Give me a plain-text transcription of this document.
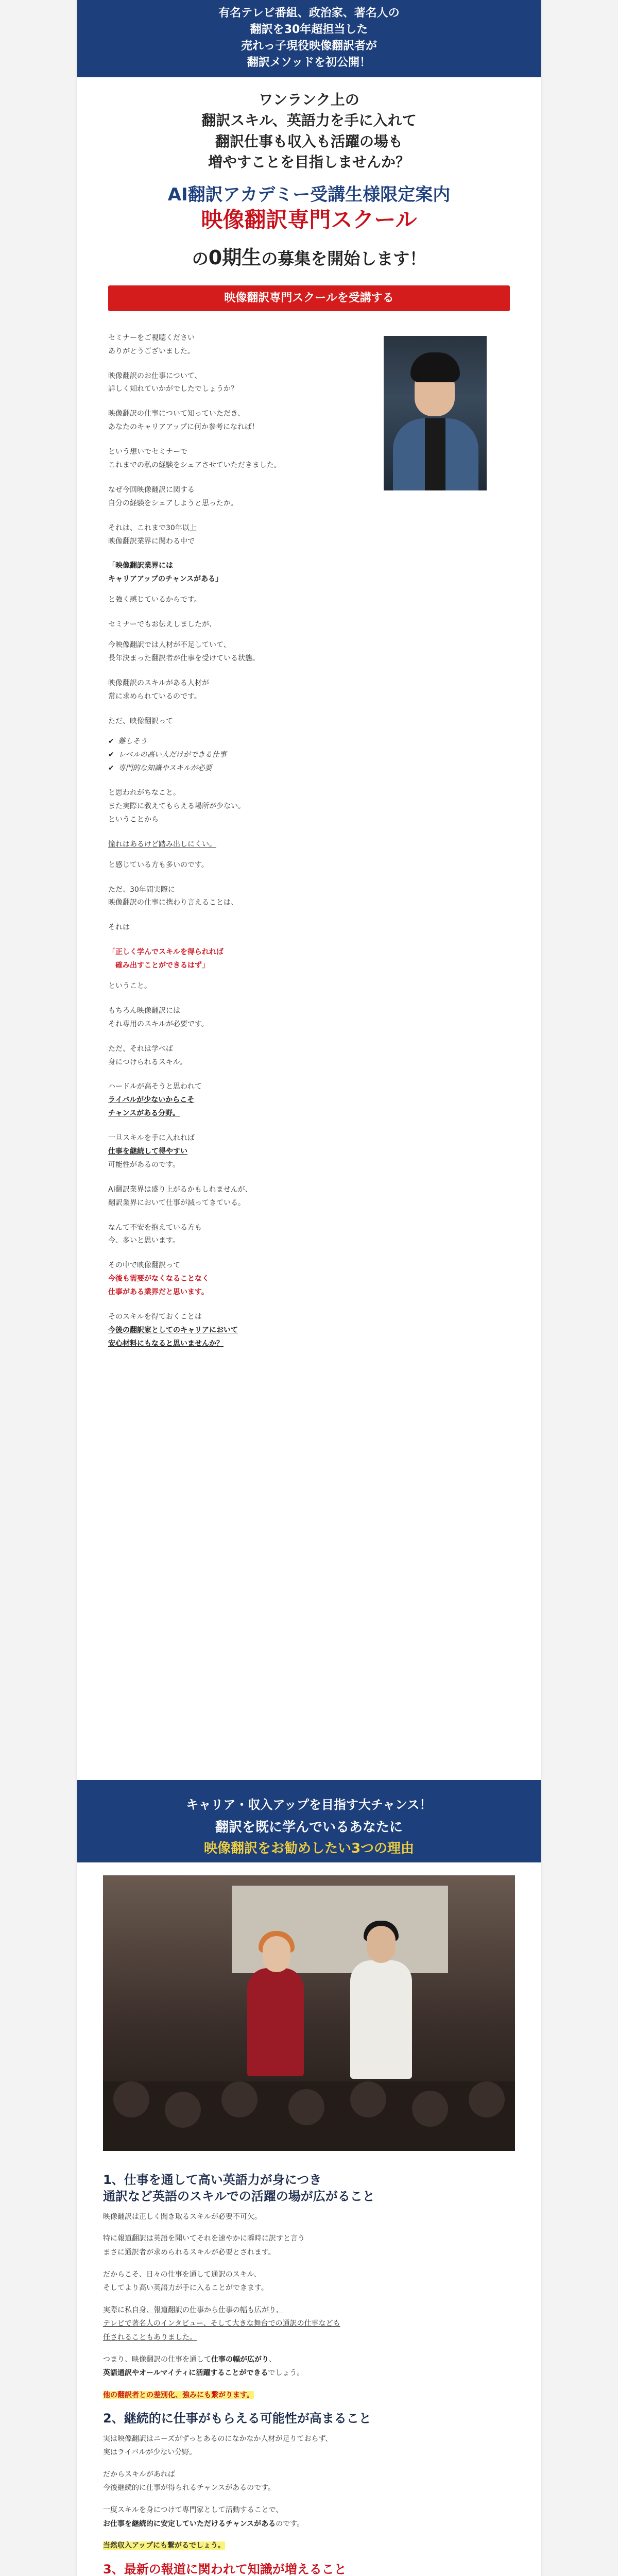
有名テレビ番組、政治家、著名人の
翻訳を30年超担当した
売れっ子現役映像翻訳者が
翻訳メソッドを初公開！
ワンランク上の
翻訳スキル、英語力を手に入れて
翻訳仕事も収入も活躍の場も
増やすことを目指しませんか？
AI翻訳アカデミー受講生様限定案内
映像翻訳専門スクール
の0期生の募集を開始します！
映像翻訳専門スクールを受講する

セミナーをご視聴ください
ありがとうございました。

映像翻訳のお仕事について、
詳しく知れていかがでしたでしょうか？

映像翻訳の仕事について知っていただき、
あなたのキャリアアップに何か参考になれば！

という想いでセミナーで
これまでの私の経験をシェアさせていただきました。

なぜ今回映像翻訳に関する
自分の経験をシェアしようと思ったか。

それは、これまで30年以上
映像翻訳業界に関わる中で

「映像翻訳業界には
キャリアアップのチャンスがある」

と強く感じているからです。

セミナーでもお伝えしましたが、

今映像翻訳では人材が不足していて、
長年決まった翻訳者が仕事を受けている状態。

映像翻訳のスキルがある人材が
常に求められているのです。

ただ、映像翻訳って

✔ 難しそう
✔ レベルの高い人だけができる仕事
✔ 専門的な知識やスキルが必要

と思われがちなこと。
また実際に教えてもらえる場所が少ない。
ということから

憧れはあるけど踏み出しにくい。

と感じている方も多いのです。

ただ、30年間実際に
映像翻訳の仕事に携わり言えることは、

それは

「正しく学んでスキルを得られれば
　確み出すことができるはず」

ということ。

もちろん映像翻訳には
それ専用のスキルが必要です。

ただ、それは学べば
身につけられるスキル。

ハードルが高そうと思われて
ライバルが少ないからこそ
チャンスがある分野。

一旦スキルを手に入れれば
仕事を継続して得やすい
可能性があるのです。

AI翻訳業界は盛り上がるかもしれませんが、
翻訳業界において仕事が減ってきている。

なんて不安を抱えている方も
今、多いと思います。

その中で映像翻訳って
今後も需要がなくなることなく
仕事がある業界だと思います。

そのスキルを得ておくことは
今後の翻訳家としてのキャリアにおいて
安心材料にもなると思いませんか？

キャリア・収入アップを目指す大チャンス！
翻訳を既に学んでいるあなたに
映像翻訳をお勧めしたい3つの理由
1、仕事を通して高い英語力が身につき
通訳など英語のスキルでの活躍の場が広がること

映像翻訳は正しく聞き取るスキルが必要不可欠。

特に報道翻訳は英語を聞いてそれを速やかに瞬時に訳すと言う
まさに通訳者が求められるスキルが必要とされます。

だからこそ、日々の仕事を通して通訳のスキル、
そしてより高い英語力が手に入ることができます。

実際に私自身、報道翻訳の仕事から仕事の幅も広がり、
テレビで著名人のインタビュー、そして大きな舞台での通訳の仕事なども
任されることもありました。

つまり、映像翻訳の仕事を通して仕事の幅が広がり、
英語通訳やオールマイティに活躍することができるでしょう。

他の翻訳者との差別化、強みにも繋がります。

2、継続的に仕事がもらえる可能性が高まること

実は映像翻訳はニーズがずっとあるのになかなか人材が足りておらず、
実はライバルが少ない分野。

だからスキルがあれば
今後継続的に仕事が得られるチャンスがあるのです。

一度スキルを身につけて専門家として活動することで、
お仕事を継続的に安定していただけるチャンスがあるのです。

当然収入アップにも繋がるでしょう。

3、最新の報道に関われて知識が増えること
